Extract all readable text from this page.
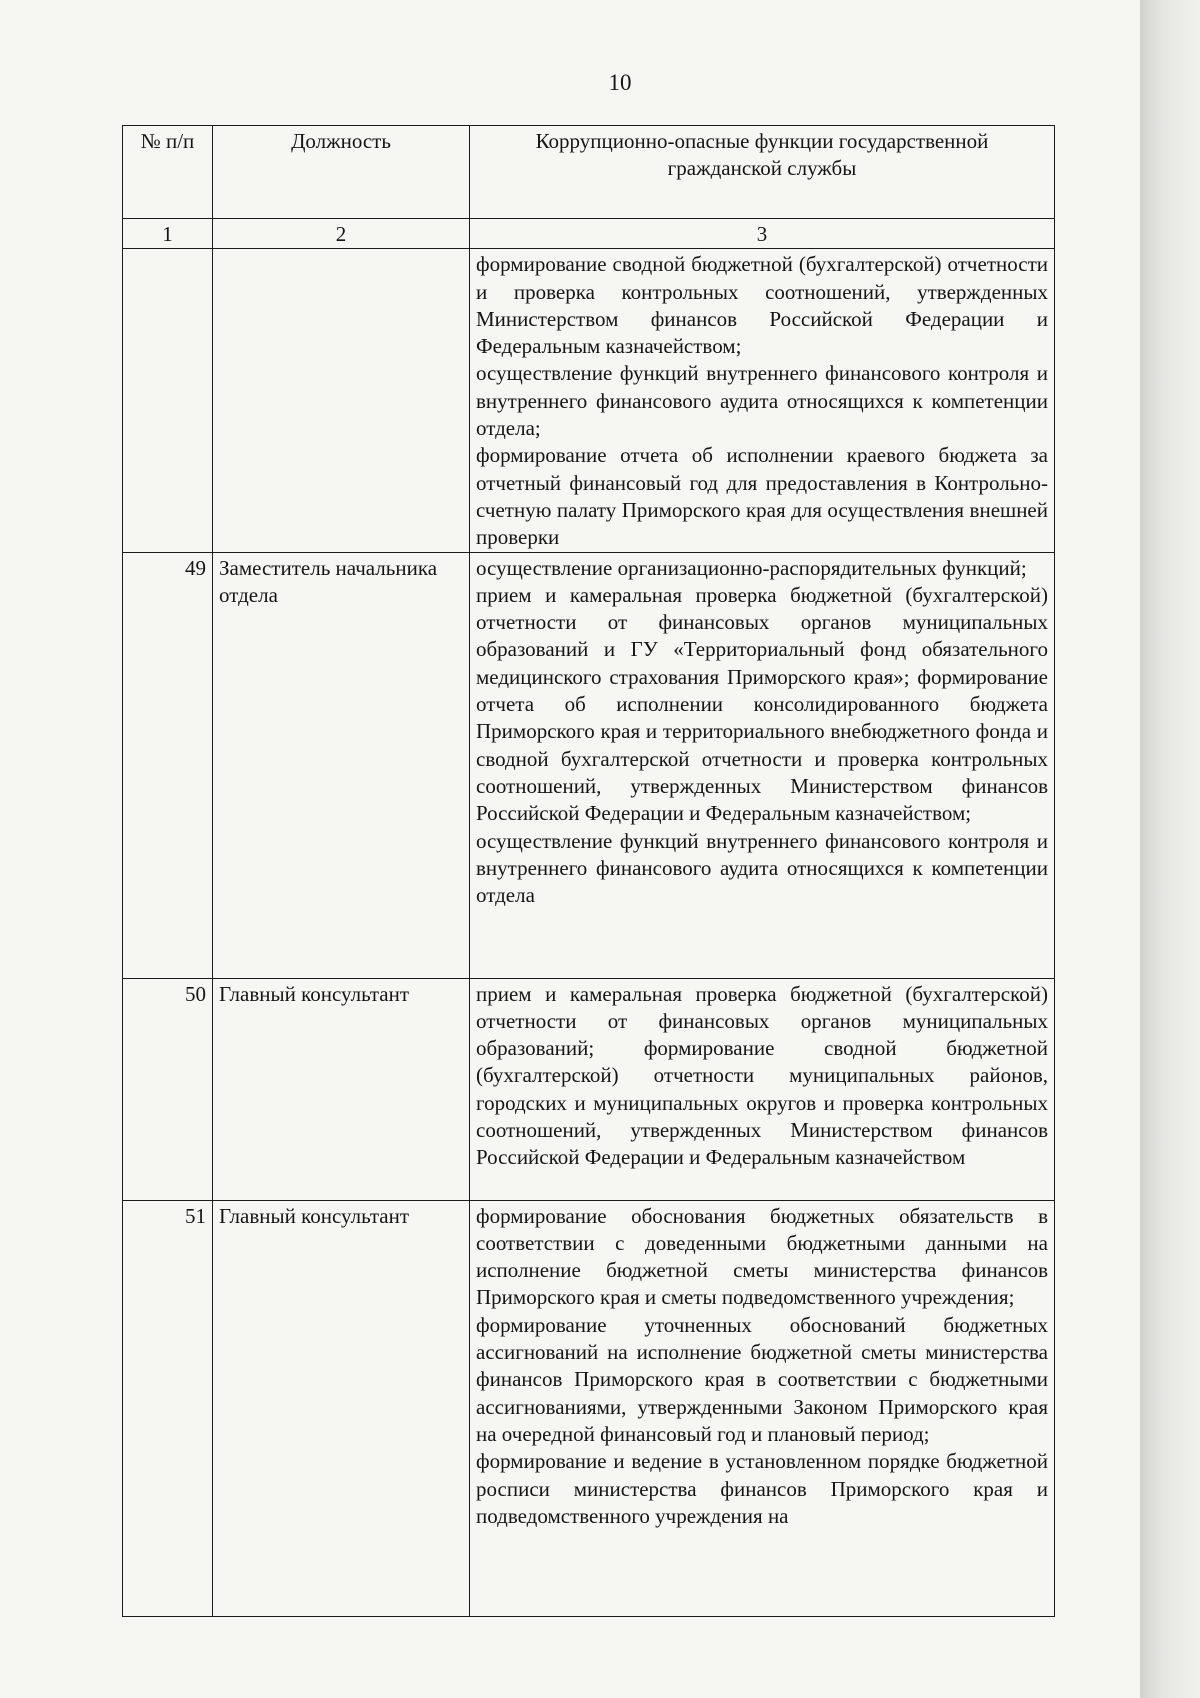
10
№ п/п	Должность	Коррупционно-опасные функции государственной гражданской службы
1	2	3

		формирование сводной бюджетной (бухгалтерской) отчетности и проверка контрольных соотношений, утвержденных Министерством финансов Российской Федерации и Федеральным казначейством;

осуществление функций внутреннего финансового контроля и внутреннего финансового аудита относящихся к компетенции отдела;

формирование отчета об исполнении краевого бюджета за отчетный финансовый год для предоставления в Контрольно-счетную палату Приморского края для осуществления внешней проверки

49	Заместитель начальника отдела	осуществление организационно-распорядительных функций;

прием и камеральная проверка бюджетной (бухгалтерской) отчетности от финансовых органов муниципальных образований и ГУ «Территориальный фонд обязательного медицинского страхования Приморского края»; формирование отчета об исполнении консолидированного бюджета Приморского края и территориального внебюджетного фонда и сводной бухгалтерской отчетности и проверка контрольных соотношений, утвержденных Министерством финансов Российской Федерации и Федеральным казначейством;

осуществление функций внутреннего финансового контроля и внутреннего финансового аудита относящихся к компетенции отдела

50	Главный консультант	прием и камеральная проверка бюджетной (бухгалтерской) отчетности от финансовых органов муниципальных образований; формирование сводной бюджетной (бухгалтерской) отчетности муниципальных районов, городских и муниципальных округов и проверка контрольных соотношений, утвержденных Министерством финансов Российской Федерации и Федеральным казначейством

51	Главный консультант	формирование обоснования бюджетных обязательств в соответствии с доведенными бюджетными данными на исполнение бюджетной сметы министерства финансов Приморского края и сметы подведомственного учреждения;

формирование уточненных обоснований бюджетных ассигнований на исполнение бюджетной сметы министерства финансов Приморского края в соответствии с бюджетными ассигнованиями, утвержденными Законом Приморского края на очередной финансовый год и плановый период;

формирование и ведение в установленном порядке бюджетной росписи министерства финансов Приморского края и подведомственного учреждения на
